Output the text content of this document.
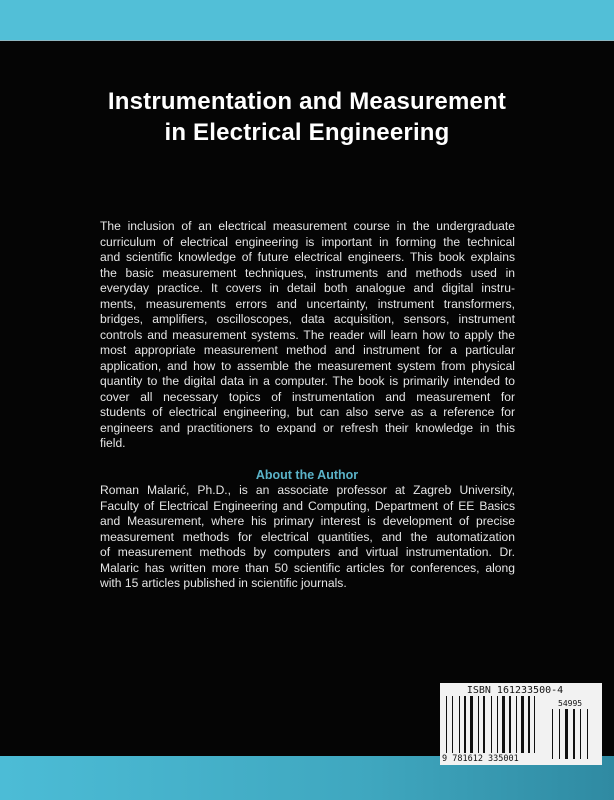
Instrumentation and Measurement
in Electrical Engineering
The inclusion of an electrical measurement course in the undergraduate
curriculum of electrical engineering is important in forming the technical
and scientific knowledge of future electrical engineers. This book explains
the basic measurement techniques, instruments and methods used in
everyday practice. It covers in detail both analogue and digital instru-
ments, measurements errors and uncertainty, instrument transformers,
bridges, amplifiers, oscilloscopes, data acquisition, sensors, instrument
controls and measurement systems. The reader will learn how to apply the
most appropriate measurement method and instrument for a particular
application, and how to assemble the measurement system from physical
quantity to the digital data in a computer. The book is primarily intended to
cover all necessary topics of instrumentation and measurement for
students of electrical engineering, but can also serve as a reference for
engineers and practitioners to expand or refresh their knowledge in this
field.
About the Author
Roman Malarić, Ph.D., is an associate professor at Zagreb University,
Faculty of Electrical Engineering and Computing, Department of EE Basics
and Measurement, where his primary interest is development of precise
measurement methods for electrical quantities, and the automatization
of measurement methods by computers and virtual instrumentation. Dr.
Malaric has written more than 50 scientific articles for conferences, along
with 15 articles published in scientific journals.
ISBN 161233500-4
54995
9 781612 335001
